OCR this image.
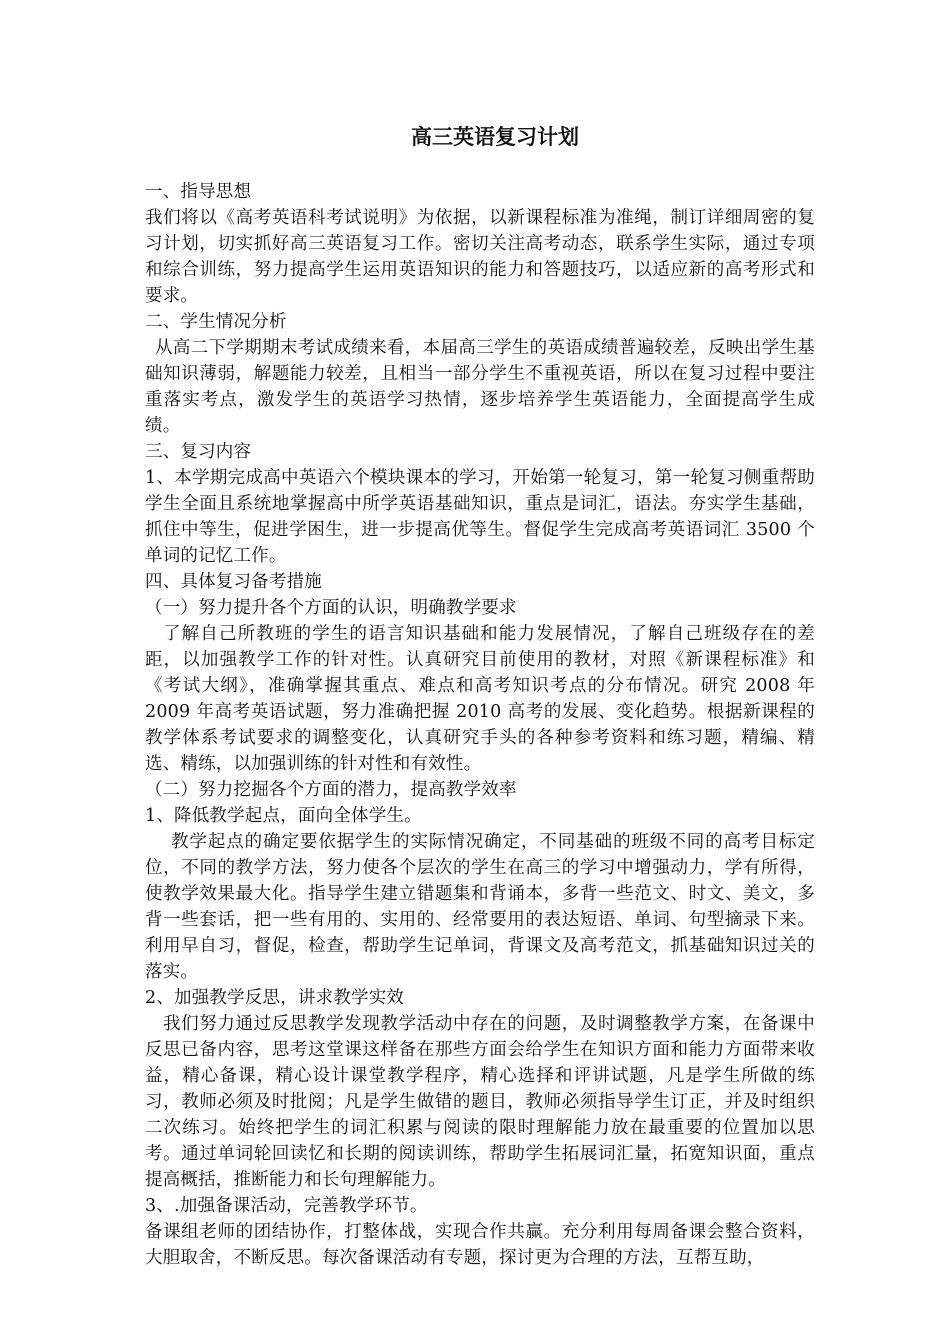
高三英语复习计划

一、指导思想

我们将以《高考英语科考试说明》为依据，以新课程标准为准绳，制订详细周密的复习计划，切实抓好高三英语复习工作。密切关注高考动态，联系学生实际，通过专项和综合训练，努力提高学生运用英语知识的能力和答题技巧，以适应新的高考形式和要求。

二、学生情况分析

从高二下学期期末考试成绩来看，本届高三学生的英语成绩普遍较差，反映出学生基础知识薄弱，解题能力较差，且相当一部分学生不重视英语，所以在复习过程中要注重落实考点，激发学生的英语学习热情，逐步培养学生英语能力，全面提高学生成绩。

三、复习内容

1、本学期完成高中英语六个模块课本的学习，开始第一轮复习，第一轮复习侧重帮助学生全面且系统地掌握高中所学英语基础知识，重点是词汇，语法。夯实学生基础，抓住中等生，促进学困生，进一步提高优等生。督促学生完成高考英语词汇 3500 个单词的记忆工作。

四、具体复习备考措施

（一）努力提升各个方面的认识，明确教学要求

了解自己所教班的学生的语言知识基础和能力发展情况，了解自己班级存在的差距，以加强教学工作的针对性。认真研究目前使用的教材，对照《新课程标准》和《考试大纲》，准确掌握其重点、难点和高考知识考点的分布情况。研究 2008 年 2009 年高考英语试题，努力准确把握 2010 高考的发展、变化趋势。根据新课程的教学体系考试要求的调整变化，认真研究手头的各种参考资料和练习题，精编、精选、精练，以加强训练的针对性和有效性。

（二）努力挖掘各个方面的潜力，提高教学效率

1、降低教学起点，面向全体学生。

教学起点的确定要依据学生的实际情况确定，不同基础的班级不同的高考目标定位，不同的教学方法，努力使各个层次的学生在高三的学习中增强动力，学有所得，使教学效果最大化。指导学生建立错题集和背诵本，多背一些范文、时文、美文，多背一些套话，把一些有用的、实用的、经常要用的表达短语、单词、句型摘录下来。利用早自习，督促，检查，帮助学生记单词，背课文及高考范文，抓基础知识过关的落实。

2、加强教学反思，讲求教学实效

我们努力通过反思教学发现教学活动中存在的问题，及时调整教学方案，在备课中反思已备内容，思考这堂课这样备在那些方面会给学生在知识方面和能力方面带来收益，精心备课，精心设计课堂教学程序，精心选择和评讲试题，凡是学生所做的练习，教师必须及时批阅；凡是学生做错的题目，教师必须指导学生订正，并及时组织二次练习。始终把学生的词汇积累与阅读的限时理解能力放在最重要的位置加以思考。通过单词轮回读忆和长期的阅读训练，帮助学生拓展词汇量，拓宽知识面，重点提高概括，推断能力和长句理解能力。

3、.加强备课活动，完善教学环节。

备课组老师的团结协作，打整体战，实现合作共赢。充分利用每周备课会整合资料，大胆取舍，不断反思。每次备课活动有专题，探讨更为合理的方法，互帮互助，
